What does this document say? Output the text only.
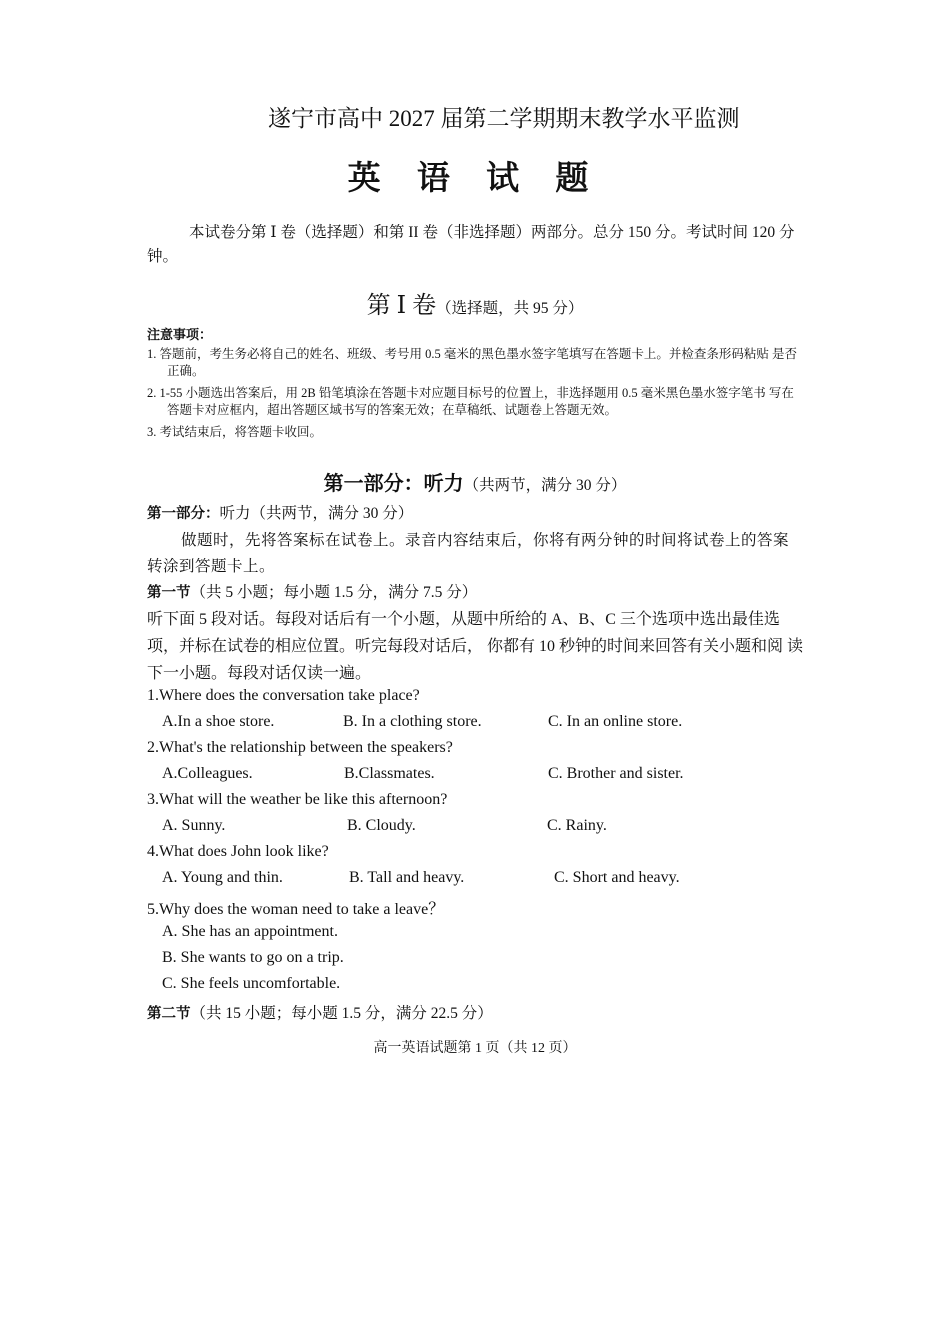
遂宁市高中 2027 届第二学期期末教学水平监测
英 语 试 题
本试卷分第 Ⅰ 卷（选择题）和第 II 卷（非选择题）两部分。总分 150 分。考试时间 120 分钟。
第 Ⅰ 卷（选择题，共 95 分）
注意事项：
1. 答题前，考生务必将自己的姓名、班级、考号用 0.5 毫米的黑色墨水签字笔填写在答题卡上。并检查条形码粘贴 是否正确。
2. 1-55 小题选出答案后，用 2B 铅笔填涂在答题卡对应题目标号的位置上，非选择题用 0.5 毫米黑色墨水签字笔书 写在答题卡对应框内，超出答题区域书写的答案无效；在草稿纸、试题卷上答题无效。
3. 考试结束后，将答题卡收回。
第一部分：听力（共两节，满分 30 分）
第一部分：听力（共两节，满分 30 分）
做题时，先将答案标在试卷上。录音内容结束后，你将有两分钟的时间将试卷上的答案转涂到答题卡上。
第一节（共 5 小题；每小题 1.5 分，满分 7.5 分）
听下面 5 段对话。每段对话后有一个小题，从题中所给的 A、B、C 三个选项中选出最佳选 项，并标在试卷的相应位置。听完每段对话后， 你都有 10 秒钟的时间来回答有关小题和阅 读下一小题。每段对话仅读一遍。
1.Where does the conversation take place?
A.In a shoe store.	B. In a clothing store.	C. In an online store.
2.What's the relationship between the speakers?
A.Colleagues.	B.Classmates.	C. Brother and sister.
3.What will the weather be like this afternoon?
A. Sunny.	B. Cloudy.	C. Rainy.
4.What does John look like?
A. Young and thin.	B. Tall and heavy.	C. Short and heavy.
5.Why does the woman need to take a leave？
A. She has an appointment.
B. She wants to go on a trip.
C. She feels uncomfortable.
第二节（共 15 小题；每小题 1.5 分，满分 22.5 分）
高一英语试题第 1 页（共 12 页）
